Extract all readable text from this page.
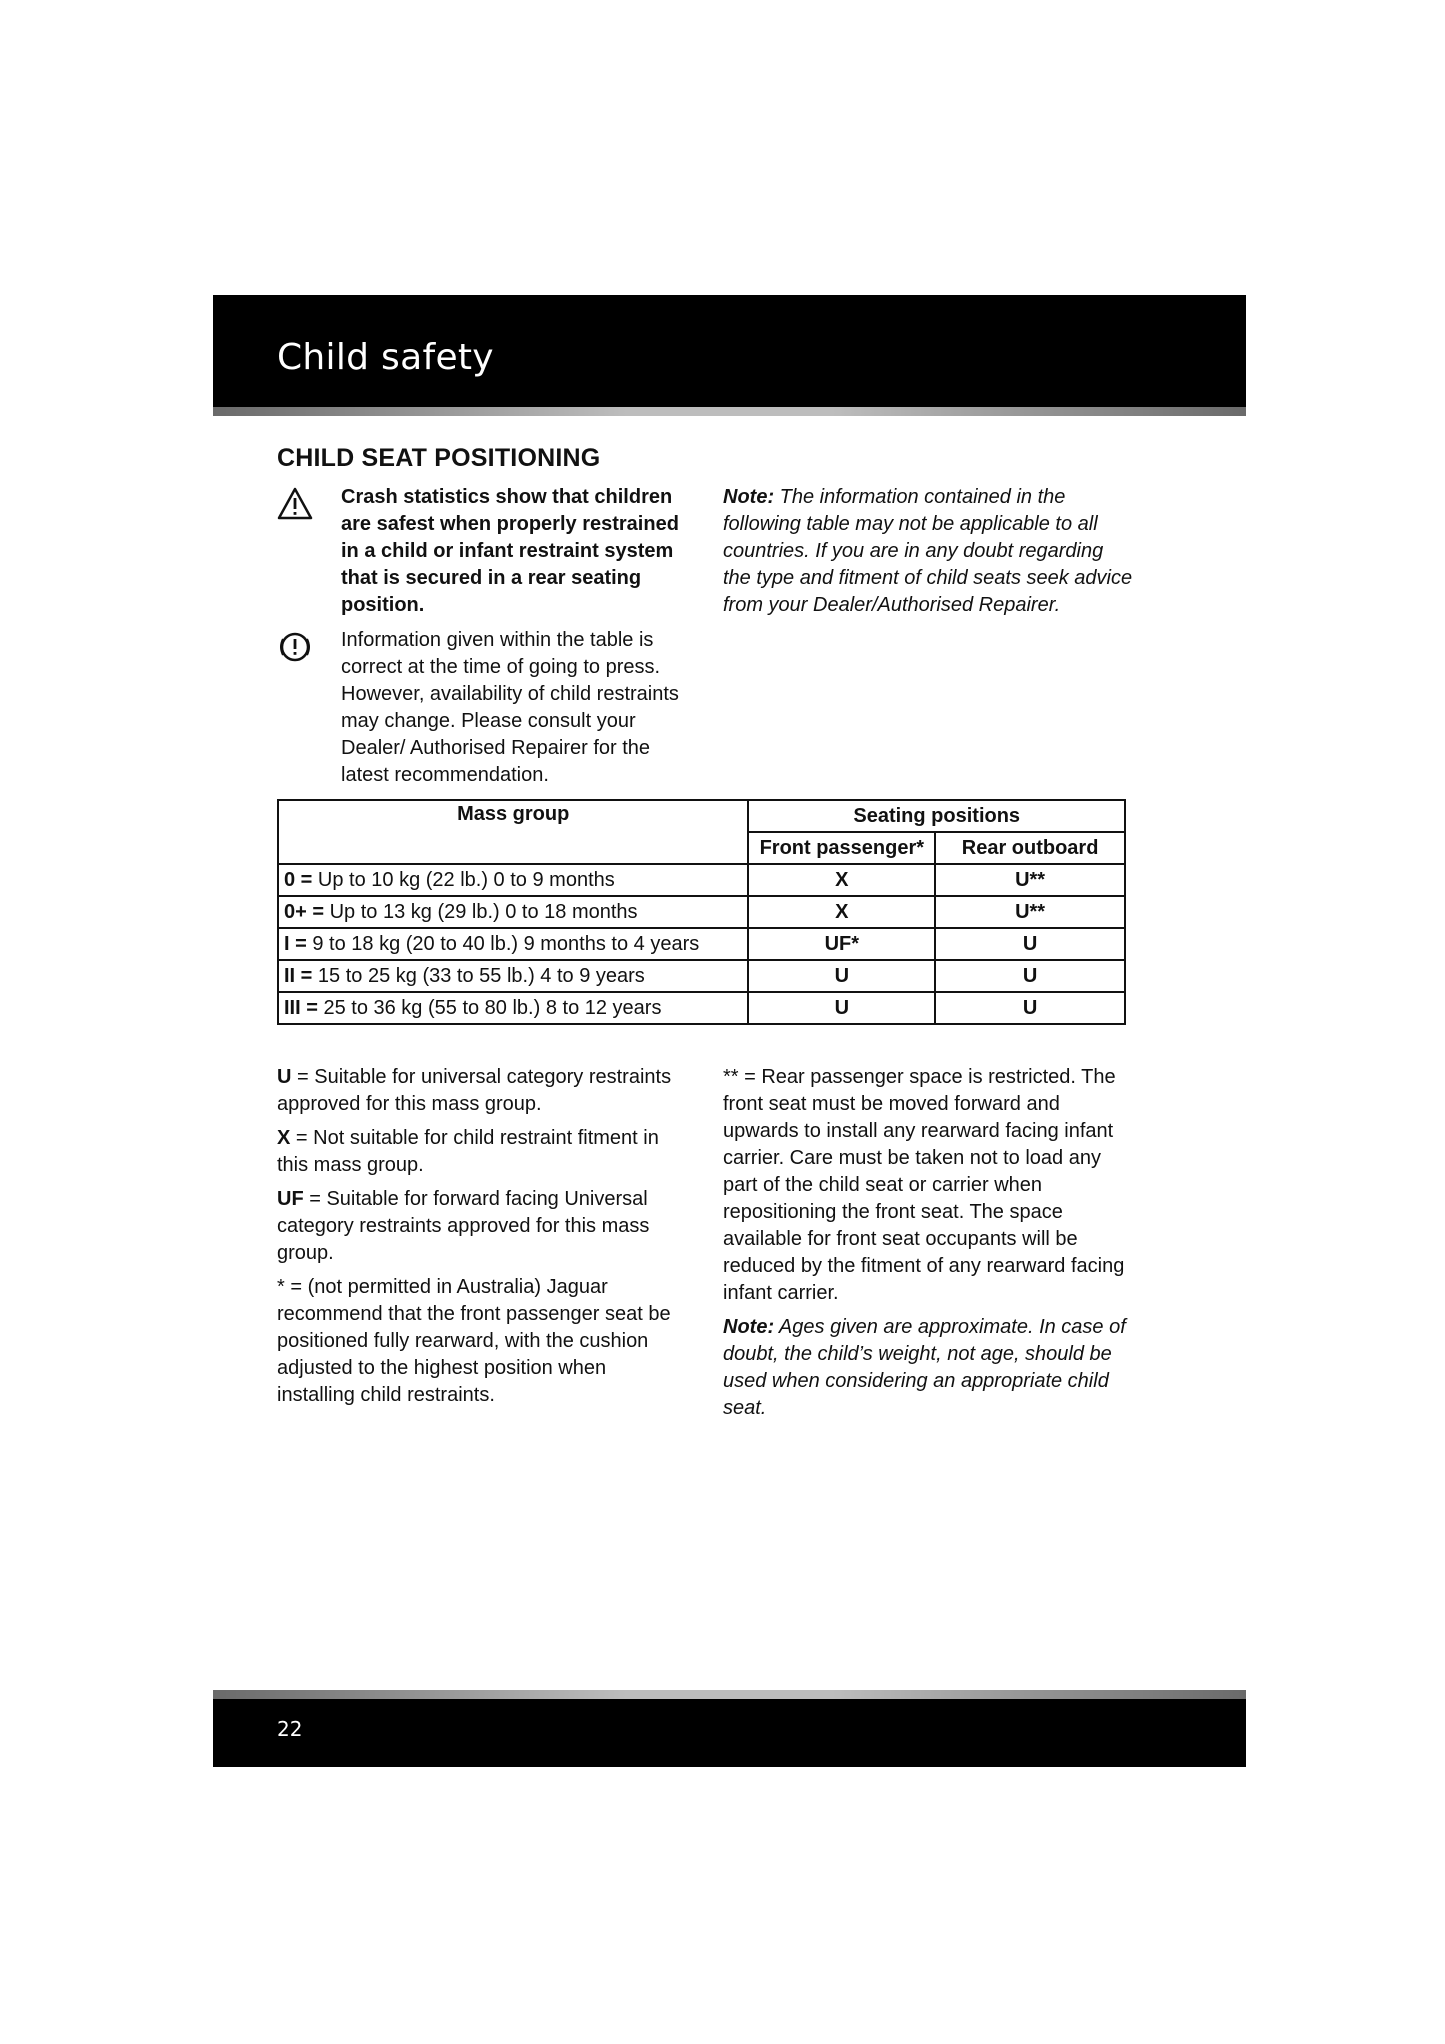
Child safety
CHILD SEAT POSITIONING

Crash statistics show that children are safest when properly restrained in a child or infant restraint system that is secured in a rear seating position.

Information given within the table is correct at the time of going to press. However, availability of child restraints may change. Please consult your Dealer/ Authorised Repairer for the latest recommendation.

Note: The information contained in the following table may not be applicable to all countries. If you are in any doubt regarding the type and fitment of child seats seek advice from your Dealer/Authorised Repairer.

Mass group	Seating positions	
	Front passenger*	Rear outboard
0 = Up to 10 kg (22 lb.) 0 to 9 months	X	U**
0+ = Up to 13 kg (29 lb.) 0 to 18 months	X	U**
I = 9 to 18 kg (20 to 40 lb.) 9 months to 4 years	UF*	U
II = 15 to 25 kg (33 to 55 lb.) 4 to 9 years	U	U
III = 25 to 36 kg (55 to 80 lb.) 8 to 12 years	U	U

U = Suitable for universal category restraints approved for this mass group.

X = Not suitable for child restraint fitment in this mass group.

UF = Suitable for forward facing Universal category restraints approved for this mass group.

* = (not permitted in Australia) Jaguar recommend that the front passenger seat be positioned fully rearward, with the cushion adjusted to the highest position when installing child restraints.

** = Rear passenger space is restricted. The front seat must be moved forward and upwards to install any rearward facing infant carrier. Care must be taken not to load any part of the child seat or carrier when repositioning the front seat. The space available for front seat occupants will be reduced by the fitment of any rearward facing infant carrier.

Note: Ages given are approximate. In case of doubt, the child’s weight, not age, should be used when considering an appropriate child seat.

22
